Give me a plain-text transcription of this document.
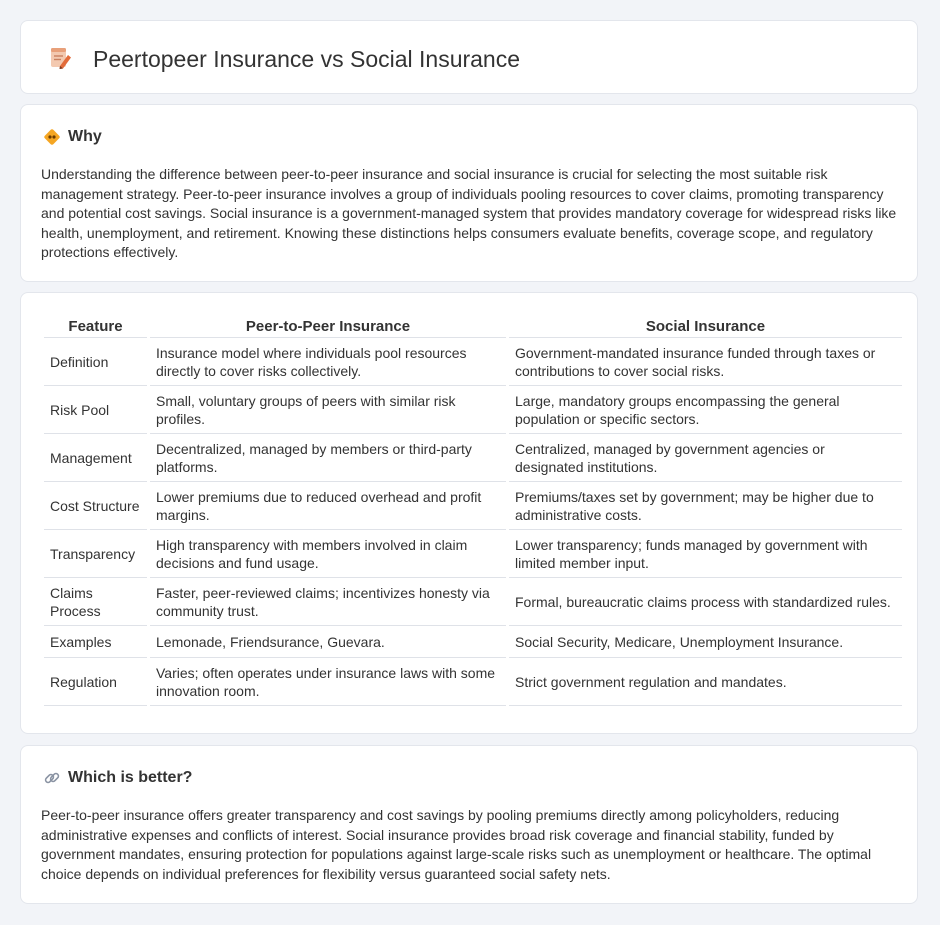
Peertopeer Insurance vs Social Insurance
Why
Understanding the difference between peer-to-peer insurance and social insurance is crucial for selecting the most suitable risk management strategy. Peer-to-peer insurance involves a group of individuals pooling resources to cover claims, promoting transparency and potential cost savings. Social insurance is a government-managed system that provides mandatory coverage for widespread risks like health, unemployment, and retirement. Knowing these distinctions helps consumers evaluate benefits, coverage scope, and regulatory protections effectively.
Feature	Peer-to-Peer Insurance	Social Insurance
Definition	Insurance model where individuals pool resources directly to cover risks collectively.	Government-mandated insurance funded through taxes or contributions to cover social risks.
Risk Pool	Small, voluntary groups of peers with similar risk profiles.	Large, mandatory groups encompassing the general population or specific sectors.
Management	Decentralized, managed by members or third-party platforms.	Centralized, managed by government agencies or designated institutions.
Cost Structure	Lower premiums due to reduced overhead and profit margins.	Premiums/taxes set by government; may be higher due to administrative costs.
Transparency	High transparency with members involved in claim decisions and fund usage.	Lower transparency; funds managed by government with limited member input.
Claims Process	Faster, peer-reviewed claims; incentivizes honesty via community trust.	Formal, bureaucratic claims process with standardized rules.
Examples	Lemonade, Friendsurance, Guevara.	Social Security, Medicare, Unemployment Insurance.
Regulation	Varies; often operates under insurance laws with some innovation room.	Strict government regulation and mandates.
Which is better?
Peer-to-peer insurance offers greater transparency and cost savings by pooling premiums directly among policyholders, reducing administrative expenses and conflicts of interest. Social insurance provides broad risk coverage and financial stability, funded by government mandates, ensuring protection for populations against large-scale risks such as unemployment or healthcare. The optimal choice depends on individual preferences for flexibility versus guaranteed social safety nets.
